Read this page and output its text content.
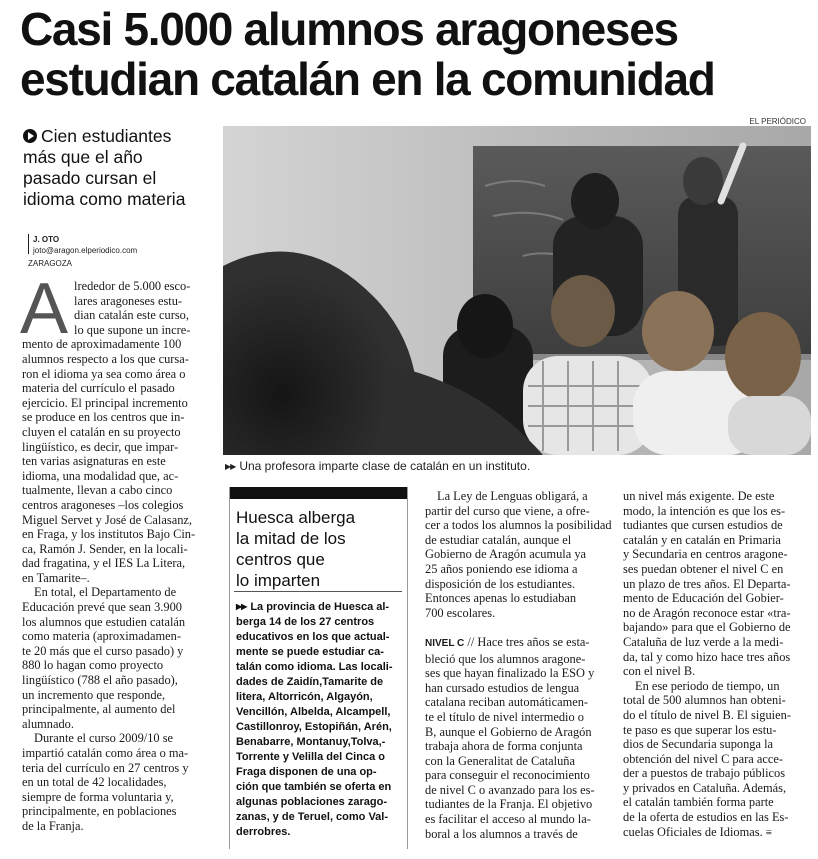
Casi 5.000 alumnos aragoneses
estudian catalán en la comunidad
EL PERIÓDICO
▶▶ Una profesora imparte clase de catalán en un instituto.
Cien estudiantes
más que el año
pasado cursan el
idioma como materia
J. OTO
joto@aragon.elperiodico.com
ZARAGOZA

A lrededor de 5.000 esco-
lares aragoneses estu-
dian catalán este curso,
lo que supone un incre-
mento de aproximadamente 100
alumnos respecto a los que cursa-
ron el idioma ya sea como área o
materia del currículo el pasado
ejercicio. El principal incremento
se produce en los centros que in-
cluyen el catalán en su proyecto
lingüístico, es decir, que impar-
ten varias asignaturas en este
idioma, una modalidad que, ac-
tualmente, llevan a cabo cinco
centros aragoneses –los colegios
Miguel Servet y José de Calasanz,
en Fraga, y los institutos Bajo Cin-
ca, Ramón J. Sender, en la locali-
dad fragatina, y el IES La Litera,
en Tamarite–.

En total, el Departamento de
Educación prevé que sean 3.900
los alumnos que estudien catalán
como materia (aproximadamen-
te 20 más que el curso pasado) y
880 lo hagan como proyecto
lingüístico (788 el año pasado),
un incremento que responde,
principalmente, al aumento del
alumnado.

Durante el curso 2009/10 se
impartió catalán como área o ma-
teria del currículo en 27 centros y
en un total de 42 localidades,
siempre de forma voluntaria y,
principalmente, en poblaciones
de la Franja.

Huesca alberga
la mitad de los
centros que
lo imparten
▶▶ La provincia de Huesca al-
berga 14 de los 27 centros
educativos en los que actual-
mente se puede estudiar ca-
talán como idioma. Las locali-
dades de Zaidín,Tamarite de
litera, Altorricón, Algayón,
Vencillón, Albelda, Alcampell,
Castillonroy, Estopiñán, Arén,
Benabarre, Montanuy,Tolva,-
Torrente y Velilla del Cinca o
Fraga disponen de una op-
ción que también se oferta en
algunas poblaciones zarago-
zanas, y de Teruel, como Val-
derrobres.

La Ley de Lenguas obligará, a
partir del curso que viene, a ofre-
cer a todos los alumnos la posibilidad
de estudiar catalán, aunque el
Gobierno de Aragón acumula ya
25 años poniendo ese idioma a
disposición de los estudiantes.
Entonces apenas lo estudiaban
700 escolares.

NIVEL C // Hace tres años se esta-
bleció que los alumnos aragone-
ses que hayan finalizado la ESO y
han cursado estudios de lengua
catalana reciban automáticamen-
te el título de nivel intermedio o
B, aunque el Gobierno de Aragón
trabaja ahora de forma conjunta
con la Generalitat de Cataluña
para conseguir el reconocimiento
de nivel C o avanzado para los es-
tudiantes de la Franja. El objetivo
es facilitar el acceso al mundo la-
boral a los alumnos a través de

un nivel más exigente. De este
modo, la intención es que los es-
tudiantes que cursen estudios de
catalán y en catalán en Primaria
y Secundaria en centros aragone-
ses puedan obtener el nivel C en
un plazo de tres años. El Departa-
mento de Educación del Gobier-
no de Aragón reconoce estar «tra-
bajando» para que el Gobierno de
Cataluña de luz verde a la medi-
da, tal y como hizo hace tres años
con el nivel B.

En ese periodo de tiempo, un
total de 500 alumnos han obteni-
do el título de nivel B. El siguien-
te paso es que superar los estu-
dios de Secundaria suponga la
obtención del nivel C para acce-
der a puestos de trabajo públicos
y privados en Cataluña. Además,
el catalán también forma parte
de la oferta de estudios en las Es-
cuelas Oficiales de Idiomas. ≡
